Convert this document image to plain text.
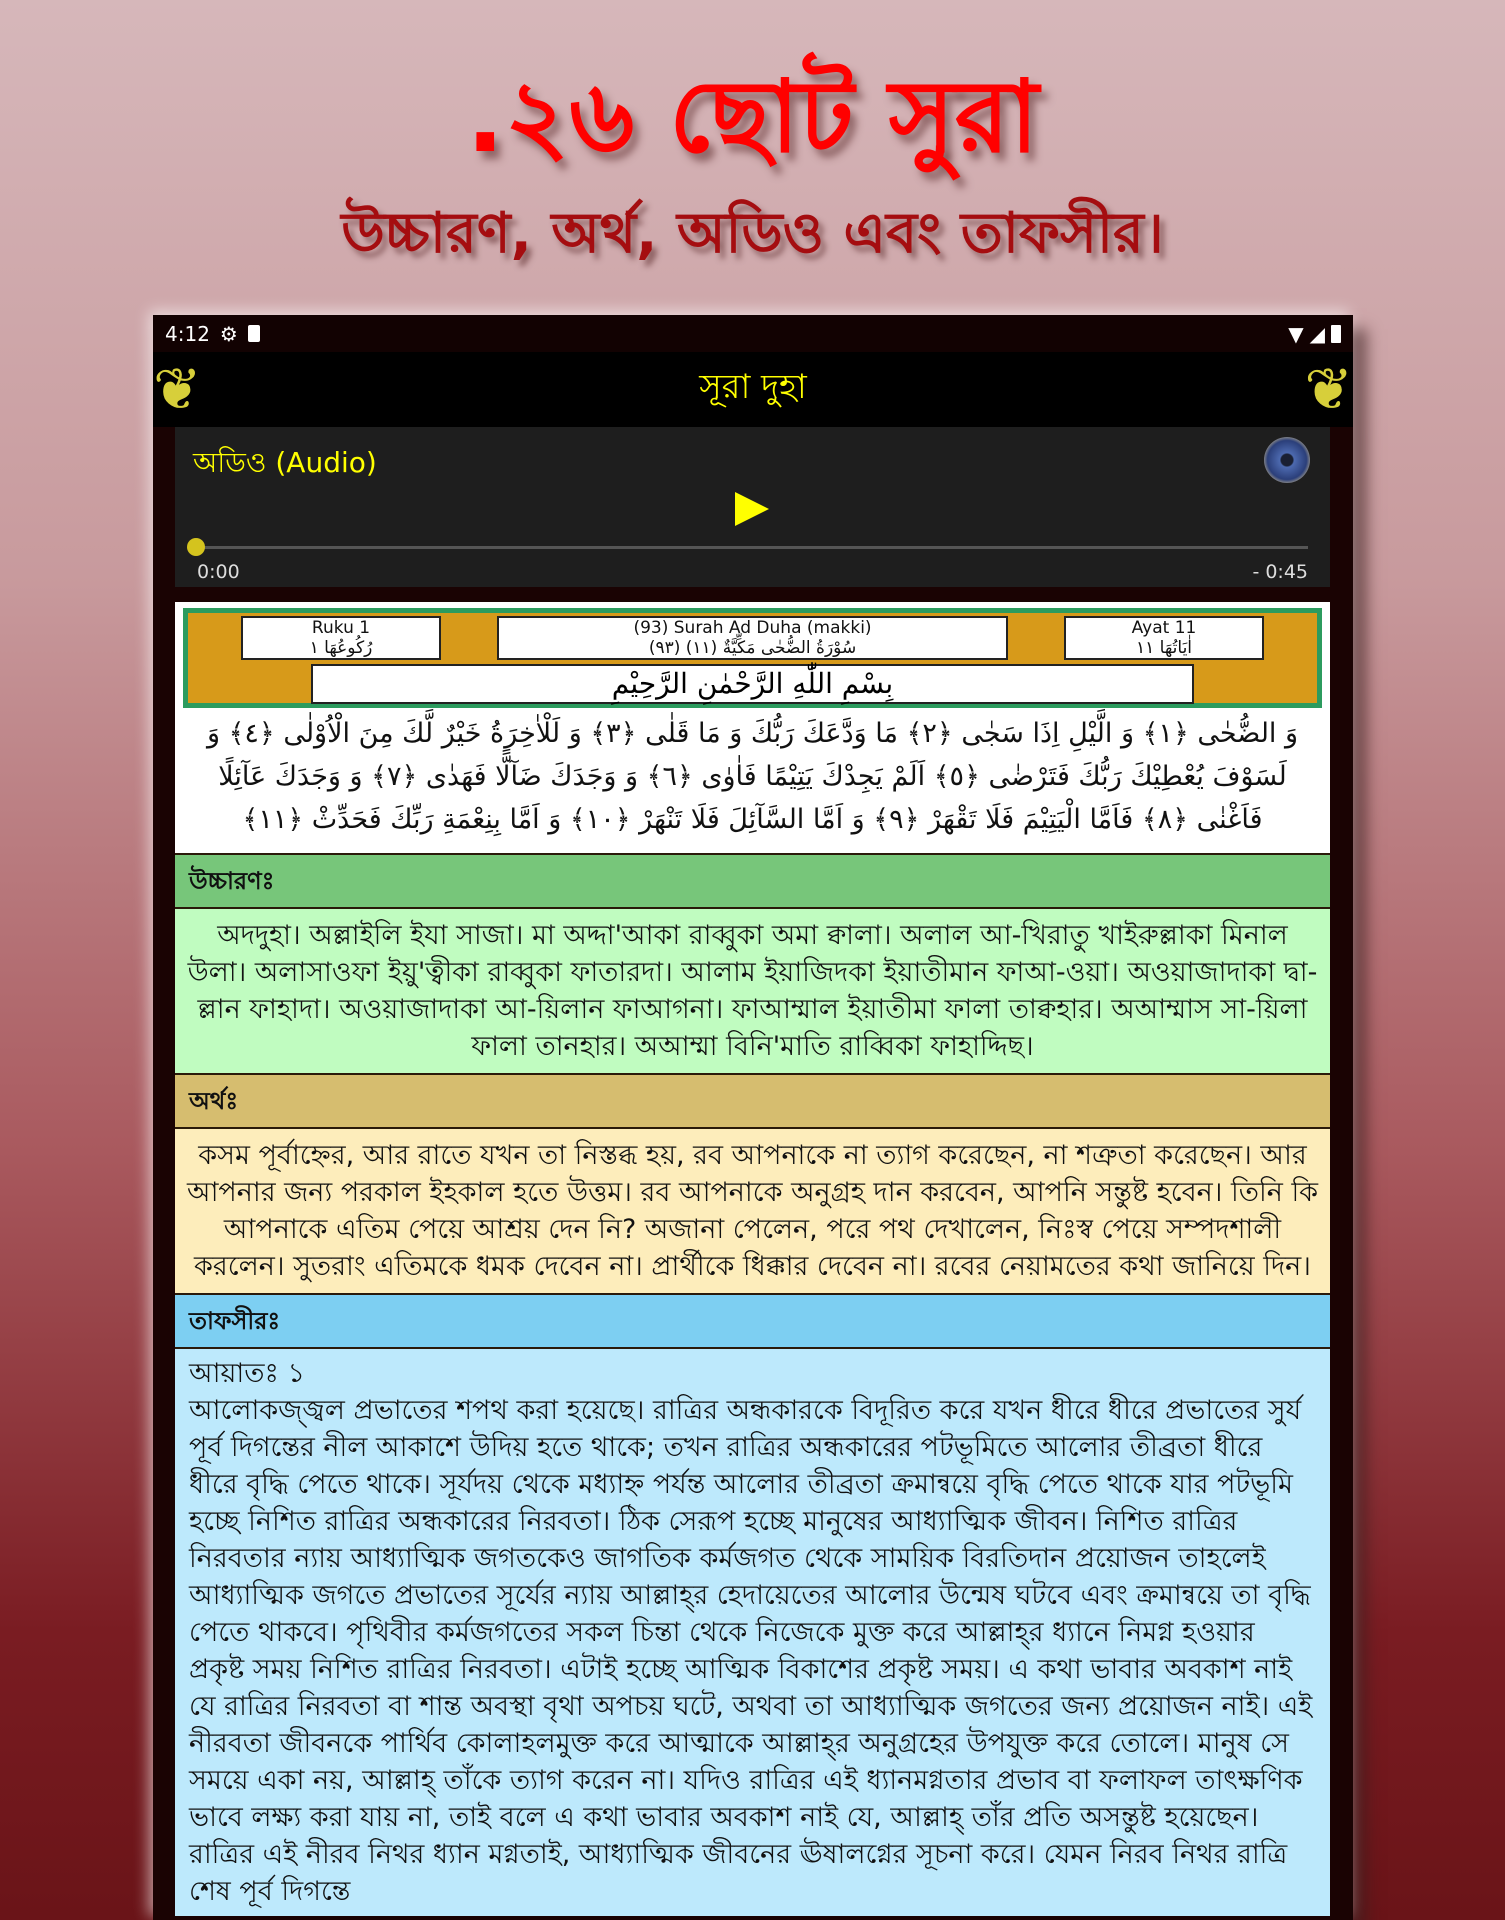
.২৬ ছোট সুরা
উচ্চারণ, অর্থ, অডিও এবং তাফসীর।
4:12 ⚙	▼ ◢
❦	সূরা দুহা	❦
অডিও (Audio)
0:00	- 0:45
Ruku 1
رُكُوعُهَا ١
(93) Surah Ad Duha (makki)
(٩٣) سُوْرَةُ الضُّحٰى مَكِّيَّةٌ (١١)
Ayat 11
اٰيَاتُهَا ١١
بِسْمِ اللّٰهِ الرَّحْمٰنِ الرَّحِيْمِ
وَ الضُّحٰى ﴿١﴾ وَ الَّيْلِ اِذَا سَجٰى ﴿٢﴾ مَا وَدَّعَكَ رَبُّكَ وَ مَا قَلٰى ﴿٣﴾ وَ لَلْاٰخِرَةُ خَيْرٌ لَّكَ مِنَ الْاُوْلٰى ﴿٤﴾ وَ لَسَوْفَ يُعْطِيْكَ رَبُّكَ فَتَرْضٰى ﴿٥﴾ اَلَمْ يَجِدْكَ يَتِيْمًا فَاٰوٰى ﴿٦﴾ وَ وَجَدَكَ ضَآلًّا فَهَدٰى ﴿٧﴾ وَ وَجَدَكَ عَآئِلًا فَاَغْنٰى ﴿٨﴾ فَاَمَّا الْيَتِيْمَ فَلَا تَقْهَرْ ﴿٩﴾ وَ اَمَّا السَّآئِلَ فَلَا تَنْهَرْ ﴿١٠﴾ وَ اَمَّا بِنِعْمَةِ رَبِّكَ فَحَدِّثْ ﴿١١﴾
উচ্চারণঃ
অদদুহা। অল্লাইলি ইযা সাজা। মা অদ্দা'আকা রাব্বুকা অমা ক্বালা। অলাল আ-খিরাতু খাইরুল্লাকা মিনাল উলা। অলাসাওফা ইয়ু'ত্বীকা রাব্বুকা ফাতারদা। আলাম ইয়াজিদকা ইয়াতীমান ফাআ-ওয়া। অওয়াজাদাকা দ্বা-ল্লান ফাহাদা। অওয়াজাদাকা আ-য়িলান ফাআগনা। ফাআম্মাল ইয়াতীমা ফালা তাক্বহার। অআম্মাস সা-য়িলা ফালা তানহার। অআম্মা বিনি'মাতি রাব্বিকা ফাহাদ্দিছ।
অর্থঃ
কসম পূর্বাহ্নের, আর রাতে যখন তা নিস্তব্ধ হয়, রব আপনাকে না ত্যাগ করেছেন, না শত্রুতা করেছেন। আর আপনার জন্য পরকাল ইহকাল হতে উত্তম। রব আপনাকে অনুগ্রহ দান করবেন, আপনি সন্তুষ্ট হবেন। তিনি কি আপনাকে এতিম পেয়ে আশ্রয় দেন নি? অজানা পেলেন, পরে পথ দেখালেন, নিঃস্ব পেয়ে সম্পদশালী করলেন। সুতরাং এতিমকে ধমক দেবেন না। প্রার্থীকে ধিক্কার দেবেন না। রবের নেয়ামতের কথা জানিয়ে দিন।
তাফসীরঃ
আয়াতঃ ১
আলোকজ্জ্বল প্রভাতের শপথ করা হয়েছে। রাত্রির অন্ধকারকে বিদূরিত করে যখন ধীরে ধীরে প্রভাতের সুর্য পূর্ব দিগন্তের নীল আকাশে উদিয় হতে থাকে; তখন রাত্রির অন্ধকারের পটভূমিতে আলোর তীব্রতা ধীরে ধীরে বৃদ্ধি পেতে থাকে। সূর্যদয় থেকে মধ্যাহ্ন পর্যন্ত আলোর তীব্রতা ক্রমান্বয়ে বৃদ্ধি পেতে থাকে যার পটভূমি হচ্ছে নিশিত রাত্রির অন্ধকারের নিরবতা। ঠিক সেরূপ হচ্ছে মানুষের আধ্যাত্মিক জীবন। নিশিত রাত্রির নিরবতার ন্যায় আধ্যাত্মিক জগতকেও জাগতিক কর্মজগত থেকে সাময়িক বিরতিদান প্রয়োজন তাহলেই আধ্যাত্মিক জগতে প্রভাতের সূর্যের ন্যায় আল্লাহ্‌র হেদায়েতের আলোর উন্মেষ ঘটবে এবং ক্রমান্বয়ে তা বৃদ্ধি পেতে থাকবে। পৃথিবীর কর্মজগতের সকল চিন্তা থেকে নিজেকে মুক্ত করে আল্লাহ্‌র ধ্যানে নিমগ্ন হওয়ার প্রকৃষ্ট সময় নিশিত রাত্রির নিরবতা। এটাই হচ্ছে আত্মিক বিকাশের প্রকৃষ্ট সময়। এ কথা ভাবার অবকাশ নাই যে রাত্রির নিরবতা বা শান্ত অবস্থা বৃথা অপচয় ঘটে, অথবা তা আধ্যাত্মিক জগতের জন্য প্রয়োজন নাই। এই নীরবতা জীবনকে পার্থিব কোলাহলমুক্ত করে আত্মাকে আল্লাহ্‌র অনুগ্রহের উপযুক্ত করে তোলে। মানুষ সে সময়ে একা নয়, আল্লাহ্‌ তাঁকে ত্যাগ করেন না। যদিও রাত্রির এই ধ্যানমগ্নতার প্রভাব বা ফলাফল তাৎক্ষণিক ভাবে লক্ষ্য করা যায় না, তাই বলে এ কথা ভাবার অবকাশ নাই যে, আল্লাহ্‌ তাঁর প্রতি অসন্তুষ্ট হয়েছেন। রাত্রির এই নীরব নিথর ধ্যান মগ্নতাই, আধ্যাত্মিক জীবনের ঊষালগ্নের সূচনা করে। যেমন নিরব নিথর রাত্রি শেষ পূর্ব দিগন্তে
